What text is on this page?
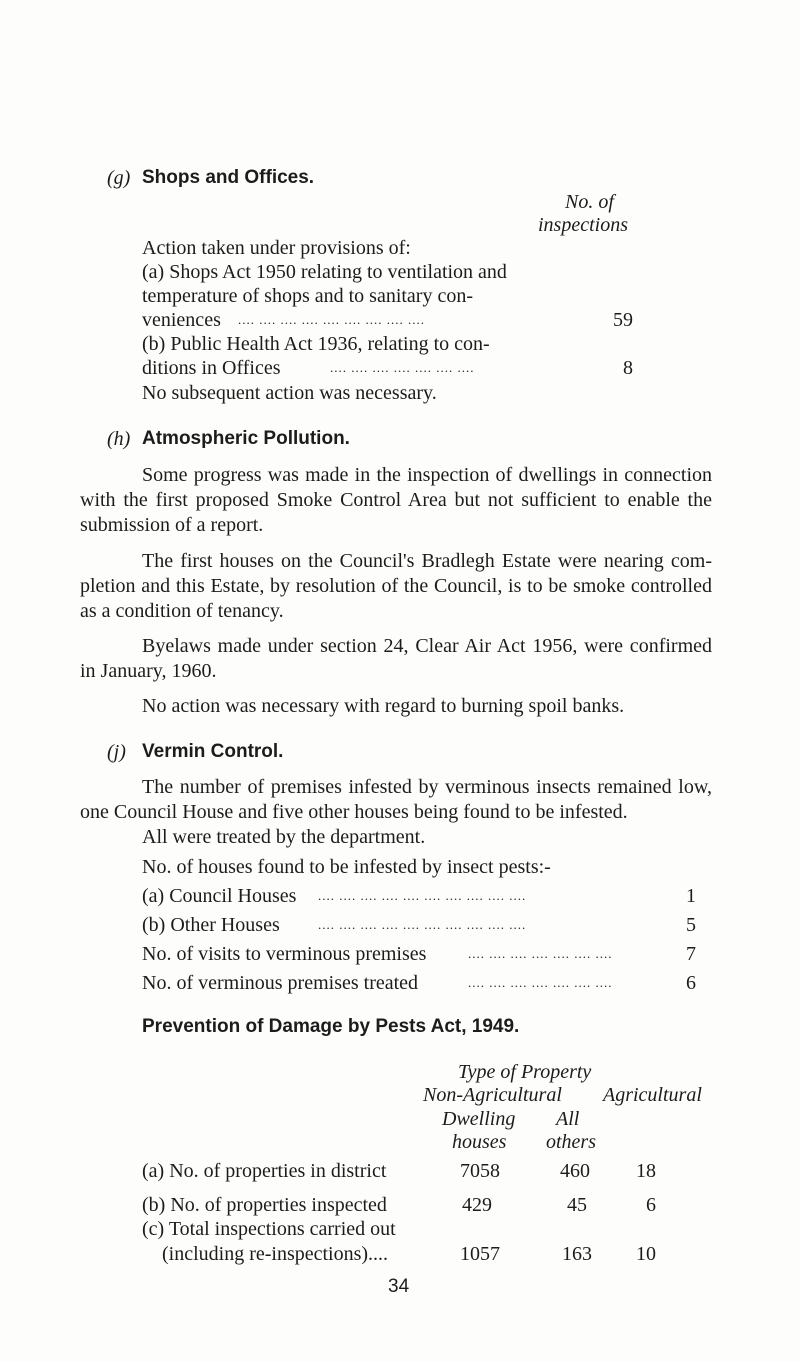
(g) Shops and Offices.
No. of
inspections
Action taken under provisions of:
(a) Shops Act 1950 relating to ventilation and
temperature of shops and to sanitary con-
veniences .... .... .... .... .... .... .... .... ....	59
(b) Public Health Act 1936, relating to con-
ditions in Offices	.... .... .... .... .... .... ....	8
No subsequent action was necessary.
(h) Atmospheric Pollution.
Some progress was made in the inspection of dwellings in connection with the first proposed Smoke Control Area but not sufficient to enable the submission of a report.
The first houses on the Council's Bradlegh Estate were nearing com- pletion and this Estate, by resolution of the Council, is to be smoke controlled as a condition of tenancy.
Byelaws made under section 24, Clear Air Act 1956, were confirmed in January, 1960.
No action was necessary with regard to burning spoil banks.
(j) Vermin Control.
The number of premises infested by verminous insects remained low, one Council House and five other houses being found to be infested.
All were treated by the department.
No. of houses found to be infested by insect pests:-
(a) Council Houses .... .... .... .... .... .... .... .... .... ....	1
(b) Other Houses	.... .... .... .... .... .... .... .... .... ....	5
No. of visits to verminous premises	.... .... .... .... .... .... ....	7
No. of verminous premises treated	.... .... .... .... .... .... ....	6
Prevention of Damage by Pests Act, 1949.
Type of Property
Non-Agricultural Agricultural
Dwelling All
houses others
(a) No. of properties in district	7058	460	18
(b) No. of properties inspected	429	45	6
(c) Total inspections carried out
(including re-inspections)....	1057	163	10
34
